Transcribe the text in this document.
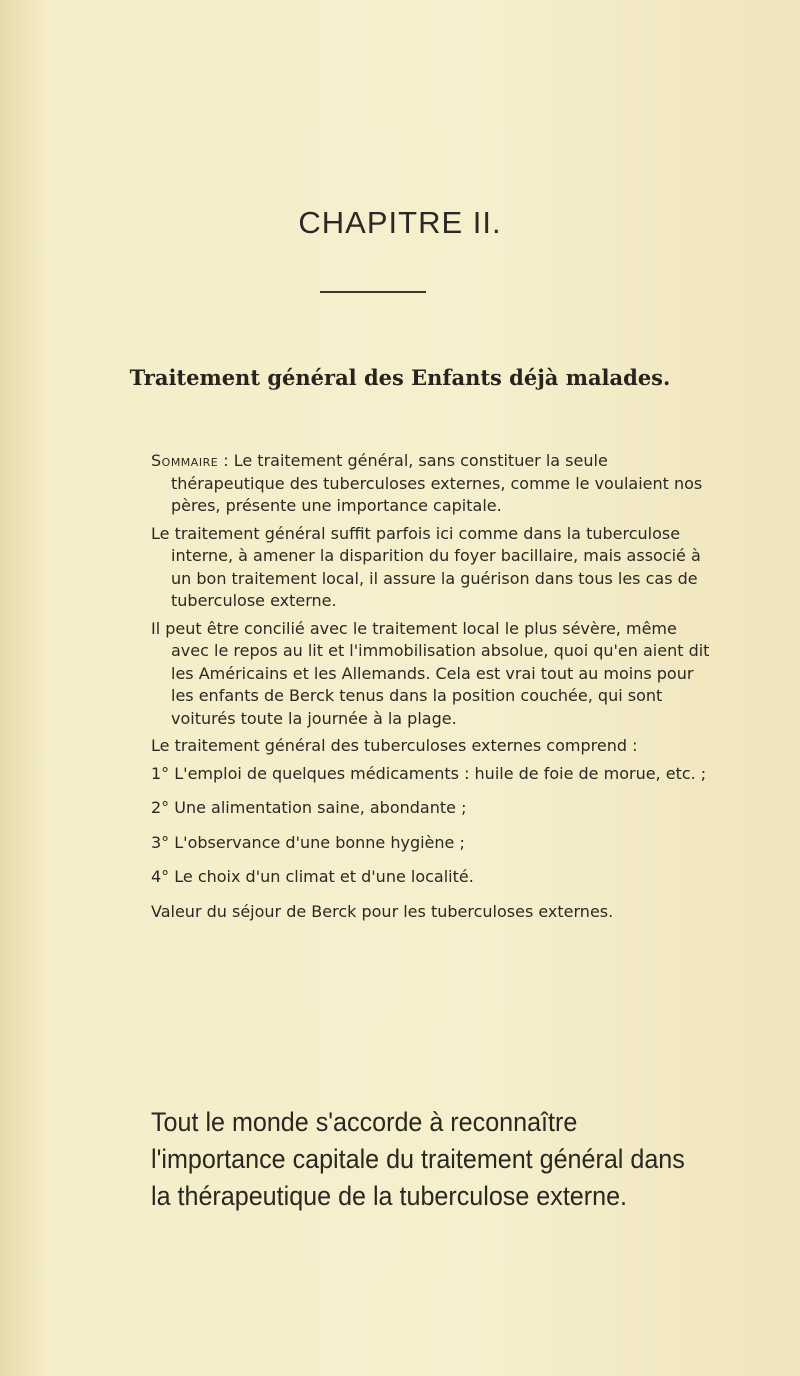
CHAPITRE II.
Traitement général des Enfants déjà malades.

Sommaire : Le traitement général, sans constituer la seule thérapeutique des tuberculoses externes, comme le voulaient nos pères, présente une importance capitale.

Le traitement général suffit parfois ici comme dans la tuberculose interne, à amener la disparition du foyer bacillaire, mais associé à un bon traitement local, il assure la guérison dans tous les cas de tuberculose externe.

Il peut être concilié avec le traitement local le plus sévère, même avec le repos au lit et l'immobilisation absolue, quoi qu'en aient dit les Américains et les Allemands. Cela est vrai tout au moins pour les enfants de Berck tenus dans la position couchée, qui sont voiturés toute la journée à la plage.

Le traitement général des tuberculoses externes comprend :

1° L'emploi de quelques médicaments : huile de foie de morue, etc. ;

2° Une alimentation saine, abondante ;

3° L'observance d'une bonne hygiène ;

4° Le choix d'un climat et d'une localité.

Valeur du séjour de Berck pour les tuberculoses externes.

Tout le monde s'accorde à reconnaître l'importance capitale du traitement général dans la thérapeutique de la tuberculose externe.
